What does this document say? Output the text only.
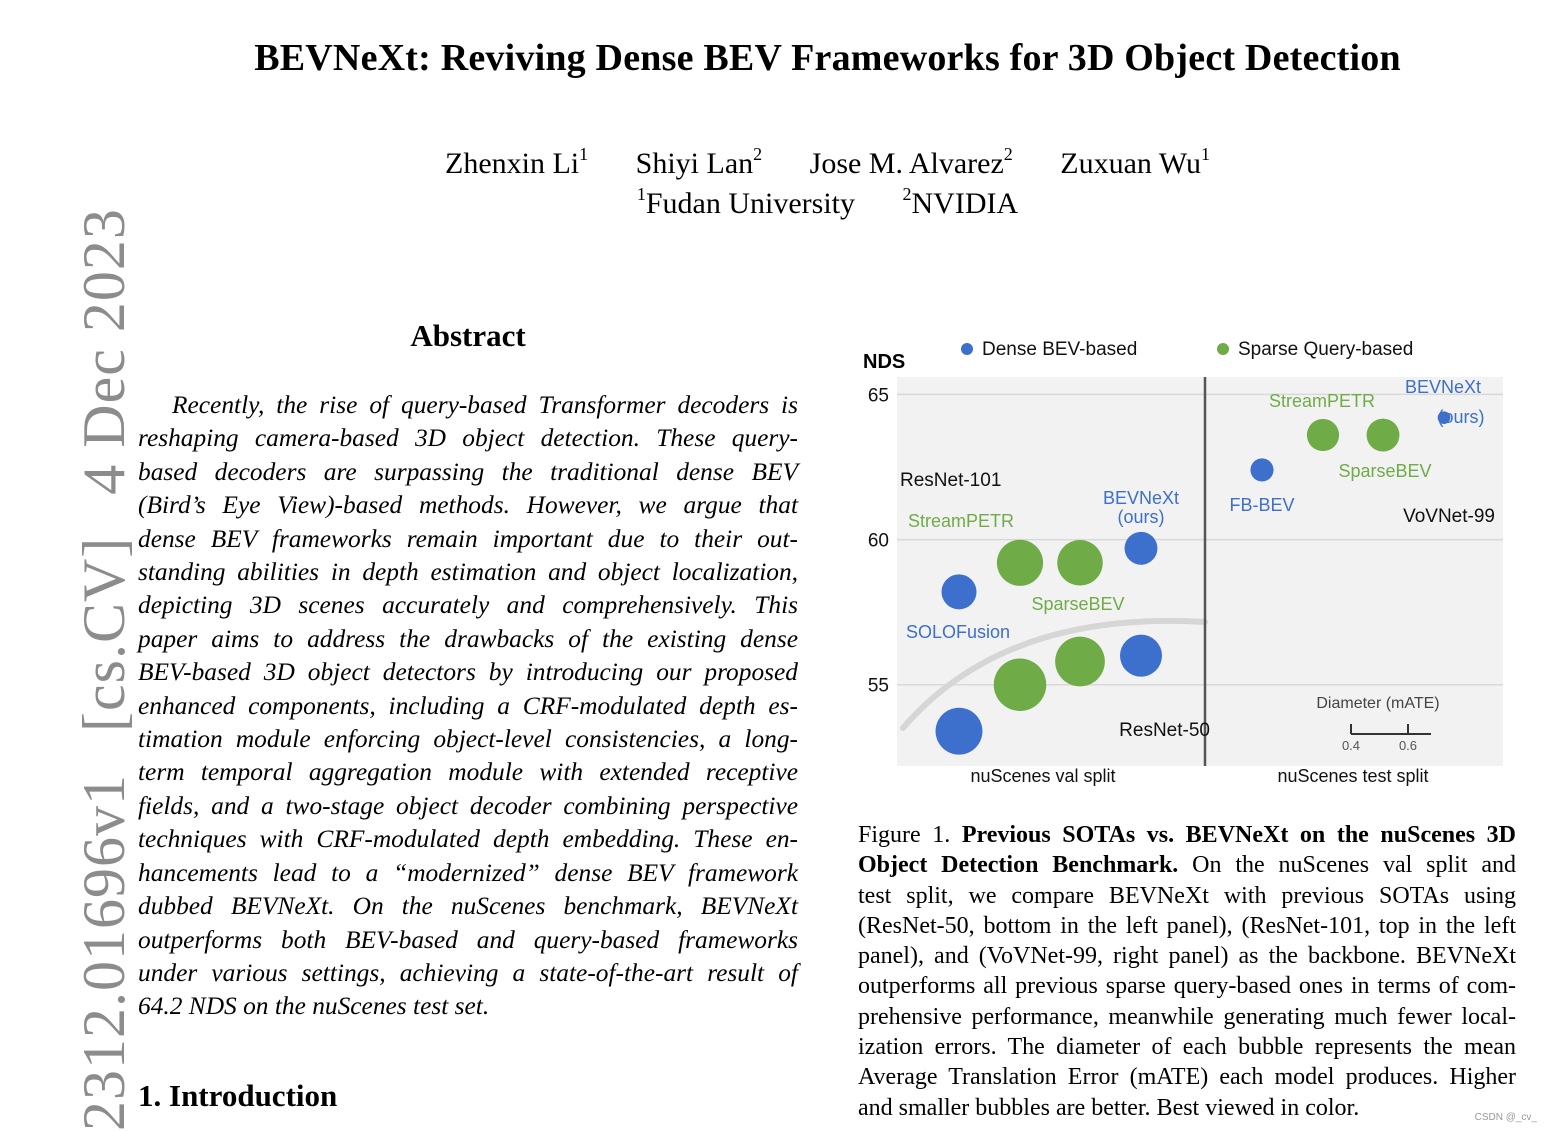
BEVNeXt: Reviving Dense BEV Frameworks for 3D Object Detection
Zhenxin Li$^1$ Shiyi Lan$^2$ Jose M. Alvarez$^2$ Zuxuan Wu$^1$
$^1$Fudan University	$^2$NVIDIA
2312.01696v1 [cs.CV] 4 Dec 2023	Abstract
Recently, the rise of query-based Transformer decoders is
reshaping camera-based 3D object detection. These query-
based decoders are surpassing the traditional dense BEV
(Bird’s Eye View)-based methods. However, we argue that
dense BEV frameworks remain important due to their out-
standing abilities in depth estimation and object localization,
depicting 3D scenes accurately and comprehensively. This
paper aims to address the drawbacks of the existing dense
BEV-based 3D object detectors by introducing our proposed
enhanced components, including a CRF-modulated depth es-
timation module enforcing object-level consistencies, a long-
term temporal aggregation module with extended receptive
fields, and a two-stage object decoder combining perspective
techniques with CRF-modulated depth embedding. These en-
hancements lead to a “modernized” dense BEV framework
dubbed BEVNeXt. On the nuScenes benchmark, BEVNeXt
outperforms both BEV-based and query-based frameworks
under various settings, achieving a state-of-the-art result of
64.2 NDS on the nuScenes test set.
1. Introduction
65
60
55
NDS
Dense BEV-based	Sparse Query-based
StreamPETR
SparseBEV
BEVNeXt
(ours)
SOLOFusion
StreamPETR
SparseBEV
FB-BEV
BEVNeXt
(ours)
ResNet-101
ResNet-50
VoVNet-99
nuScenes val split	nuScenes test split
Diameter (mATE)
0.4	0.6
Figure 1. Previous SOTAs vs. BEVNeXt on the nuScenes 3D
Object Detection Benchmark. On the nuScenes val split and
test split, we compare BEVNeXt with previous SOTAs using
(ResNet-50, bottom in the left panel), (ResNet-101, top in the left
panel), and (VoVNet-99, right panel) as the backbone. BEVNeXt
outperforms all previous sparse query-based ones in terms of com-
prehensive performance, meanwhile generating much fewer local-
ization errors. The diameter of each bubble represents the mean
Average Translation Error (mATE) each model produces. Higher
and smaller bubbles are better. Best viewed in color.	CSDN @_cv_
